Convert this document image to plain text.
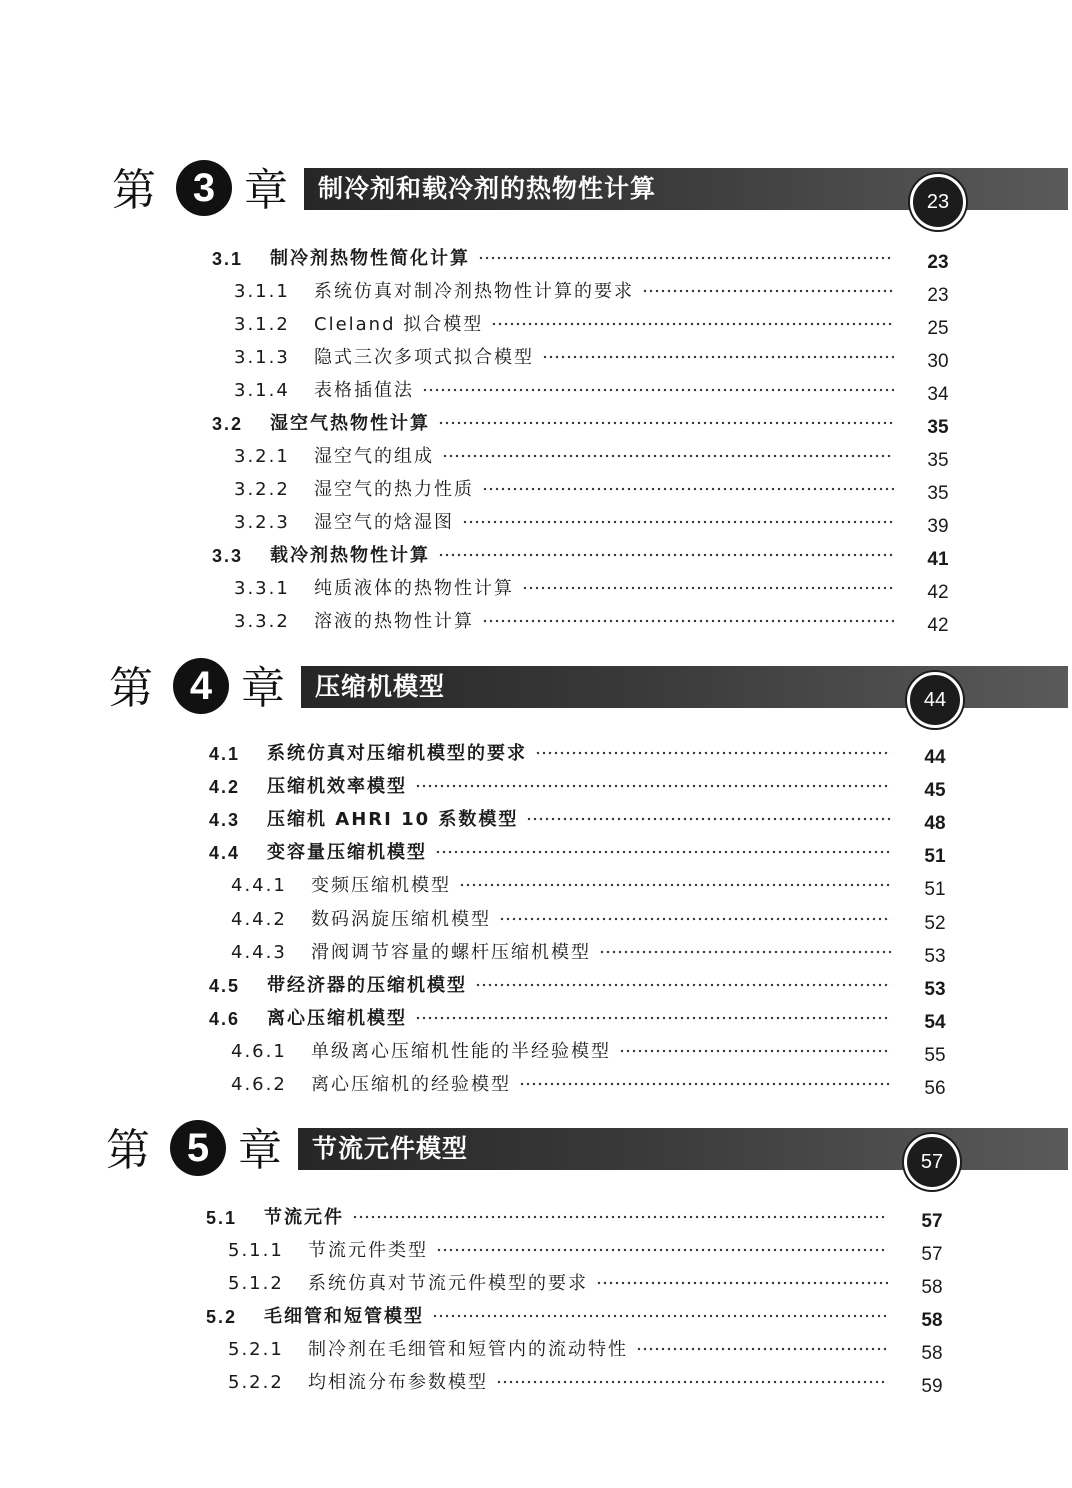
第 3 章 制冷剂和载冷剂的热物性计算	23
3.1 制冷剂热物性简化计算	23
3.1.1 系统仿真对制冷剂热物性计算的要求	23
3.1.2 Cleland 拟合模型	25
3.1.3 隐式三次多项式拟合模型	30
3.1.4 表格插值法	34
3.2 湿空气热物性计算	35
3.2.1 湿空气的组成	35
3.2.2 湿空气的热力性质	35
3.2.3 湿空气的焓湿图	39
3.3 载冷剂热物性计算	41
3.3.1 纯质液体的热物性计算	42
3.3.2 溶液的热物性计算	42
第 4 章 压缩机模型	44
4.1 系统仿真对压缩机模型的要求	44
4.2 压缩机效率模型	45
4.3 压缩机 AHRI 10 系数模型	48
4.4 变容量压缩机模型	51
4.4.1 变频压缩机模型	51
4.4.2 数码涡旋压缩机模型	52
4.4.3 滑阀调节容量的螺杆压缩机模型	53
4.5 带经济器的压缩机模型	53
4.6 离心压缩机模型	54
4.6.1 单级离心压缩机性能的半经验模型	55
4.6.2 离心压缩机的经验模型	56
第 5 章 节流元件模型	57
5.1 节流元件	57
5.1.1 节流元件类型	57
5.1.2 系统仿真对节流元件模型的要求	58
5.2 毛细管和短管模型	58
5.2.1 制冷剂在毛细管和短管内的流动特性	58
5.2.2 均相流分布参数模型	59
